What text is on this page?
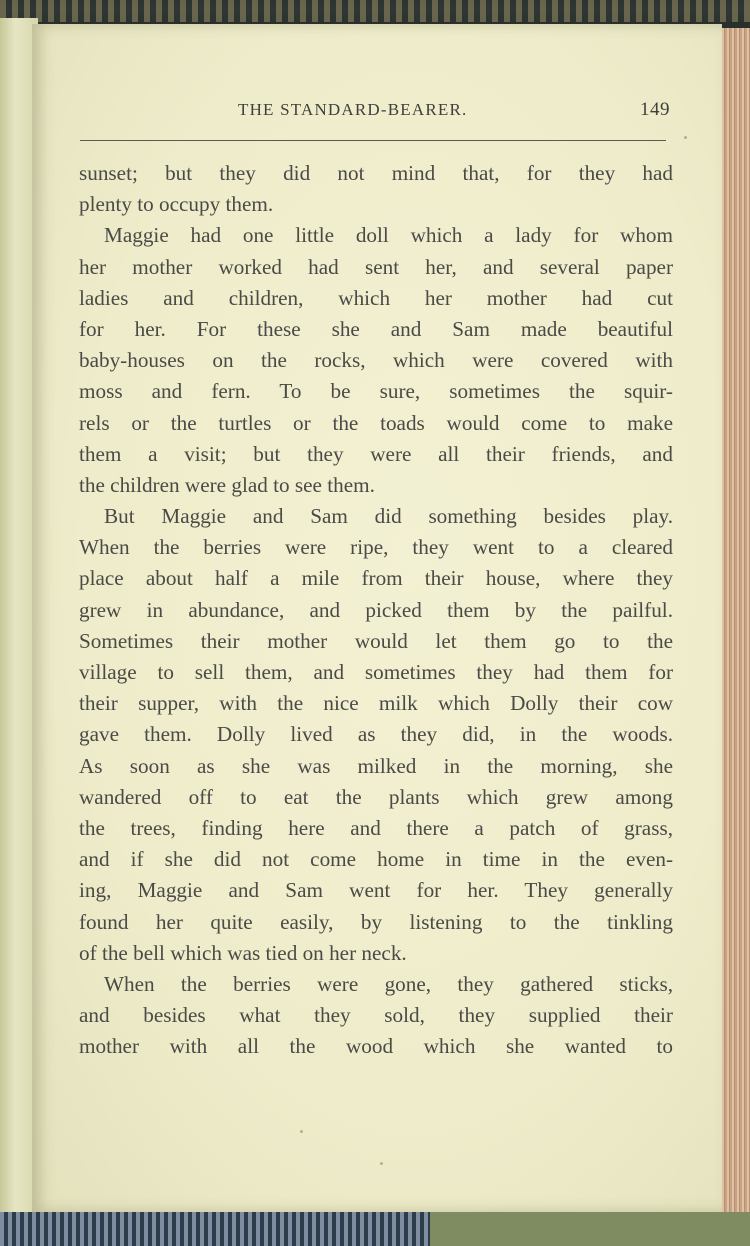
THE STANDARD-BEARER.	149
sunset; but they did not mind that, for they had
plenty to occupy them.
Maggie had one little doll which a lady for whom
her mother worked had sent her, and several paper
ladies and children, which her mother had cut
for her. For these she and Sam made beautiful
baby-houses on the rocks, which were covered with
moss and fern. To be sure, sometimes the squir-
rels or the turtles or the toads would come to make
them a visit; but they were all their friends, and
the children were glad to see them.
But Maggie and Sam did something besides play.
When the berries were ripe, they went to a cleared
place about half a mile from their house, where they
grew in abundance, and picked them by the pailful.
Sometimes their mother would let them go to the
village to sell them, and sometimes they had them for
their supper, with the nice milk which Dolly their cow
gave them. Dolly lived as they did, in the woods.
As soon as she was milked in the morning, she
wandered off to eat the plants which grew among
the trees, finding here and there a patch of grass,
and if she did not come home in time in the even-
ing, Maggie and Sam went for her. They generally
found her quite easily, by listening to the tinkling
of the bell which was tied on her neck.
When the berries were gone, they gathered sticks,
and besides what they sold, they supplied their
mother with all the wood which she wanted to
